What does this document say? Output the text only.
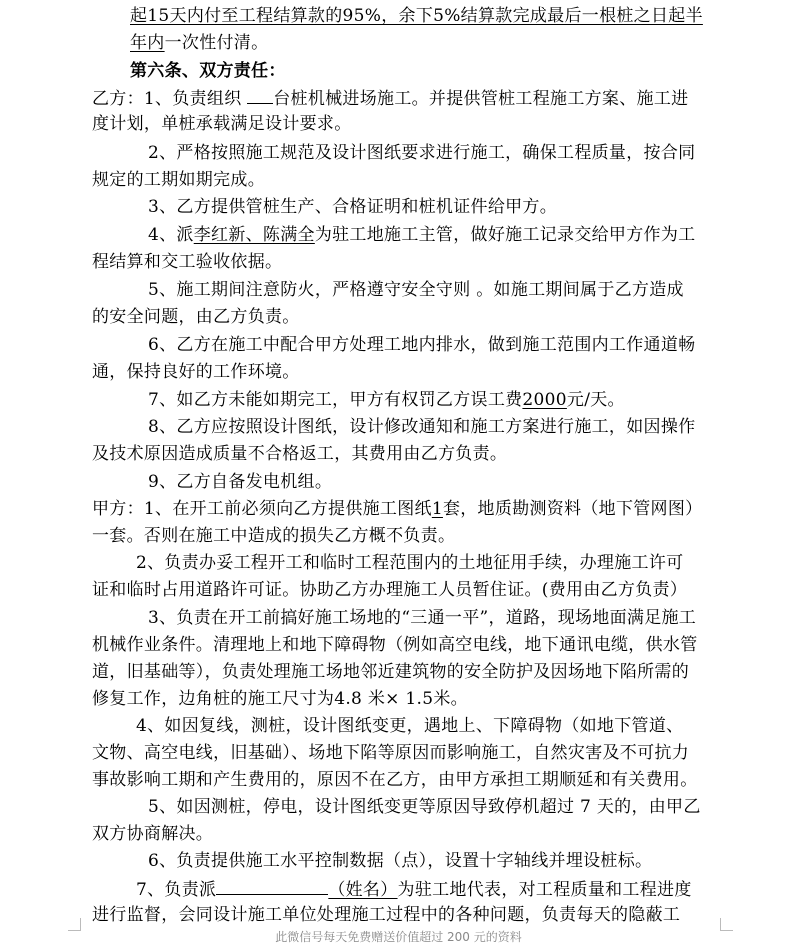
起15天内付至工程结算款的95%，余下5%结算款完成最后一根桩之日起半
年内一次性付清。
第六条、双方责任：
乙方：1、负责组织 台桩机械进场施工。并提供管桩工程施工方案、施工进
度计划，单桩承载满足设计要求。
2、严格按照施工规范及设计图纸要求进行施工，确保工程质量，按合同
规定的工期如期完成。
3、乙方提供管桩生产、合格证明和桩机证件给甲方。
4、派李红新、陈满全为驻工地施工主管，做好施工记录交给甲方作为工
程结算和交工验收依据。
5、施工期间注意防火，严格遵守安全守则 。如施工期间属于乙方造成
的安全问题，由乙方负责。
6、乙方在施工中配合甲方处理工地内排水，做到施工范围内工作通道畅
通，保持良好的工作环境。
7、如乙方未能如期完工，甲方有权罚乙方误工费2000元/天。
8、乙方应按照设计图纸，设计修改通知和施工方案进行施工，如因操作
及技术原因造成质量不合格返工，其费用由乙方负责。
9、乙方自备发电机组。
甲方：1、在开工前必须向乙方提供施工图纸1套，地质勘测资料（地下管网图）
一套。否则在施工中造成的损失乙方概不负责。
2、负责办妥工程开工和临时工程范围内的土地征用手续，办理施工许可
证和临时占用道路许可证。协助乙方办理施工人员暂住证。(费用由乙方负责）
3、负责在开工前搞好施工场地的“三通一平”，道路，现场地面满足施工
机械作业条件。清理地上和地下障碍物（例如高空电线，地下通讯电缆，供水管
道，旧基础等），负责处理施工场地邻近建筑物的安全防护及因场地下陷所需的
修复工作，边角桩的施工尺寸为4.8 米× 1.5米。
4、如因复线，测桩，设计图纸变更，遇地上、下障碍物（如地下管道、
文物、高空电线，旧基础）、场地下陷等原因而影响施工，自然灾害及不可抗力
事故影响工期和产生费用的，原因不在乙方，由甲方承担工期顺延和有关费用。
5、如因测桩，停电，设计图纸变更等原因导致停机超过 7 天的，由甲乙
双方协商解决。
6、负责提供施工水平控制数据（点），设置十字轴线并埋设桩标。
7、负责派	（姓名）为驻工地代表，对工程质量和工程进度
进行监督，会同设计施工单位处理施工过程中的各种问题，负责每天的隐蔽工
此微信号每天免费赠送价值超过 200 元的资料
